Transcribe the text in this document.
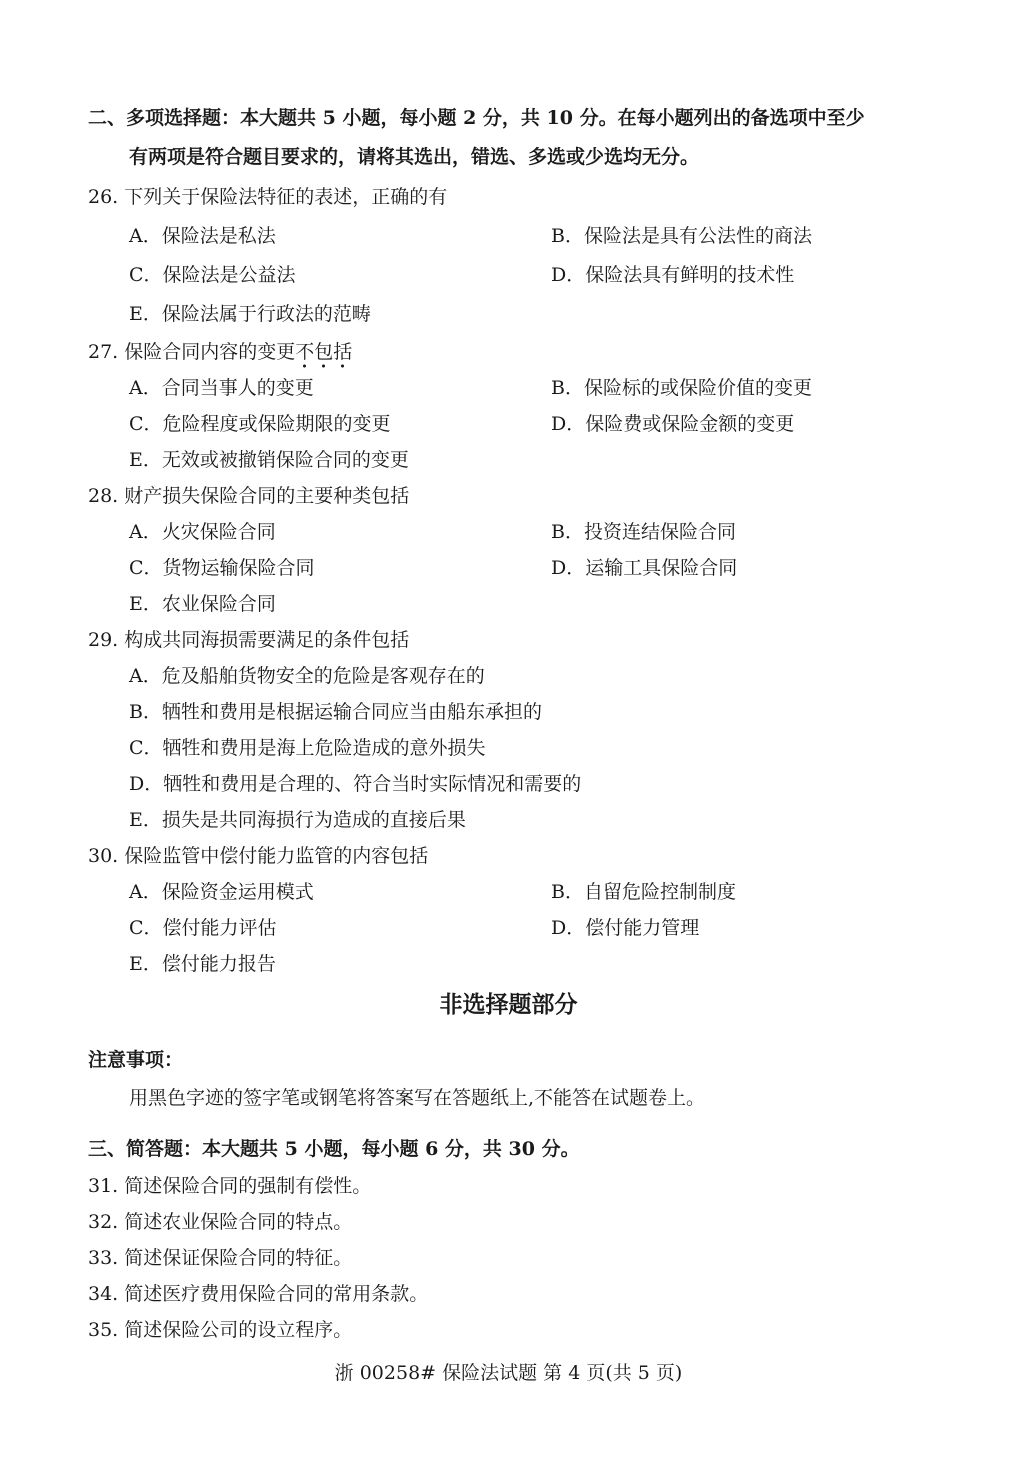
二、多项选择题：本大题共 5 小题，每小题 2 分，共 10 分。在每小题列出的备选项中至少
有两项是符合题目要求的，请将其选出，错选、多选或少选均无分。
26. 下列关于保险法特征的表述，正确的有
A．保险法是私法	B．保险法是具有公法性的商法
C．保险法是公益法	D．保险法具有鲜明的技术性
E．保险法属于行政法的范畴
27. 保险合同内容的变更不包括
A．合同当事人的变更	B．保险标的或保险价值的变更
C．危险程度或保险期限的变更	D．保险费或保险金额的变更
E．无效或被撤销保险合同的变更
28. 财产损失保险合同的主要种类包括
A．火灾保险合同	B．投资连结保险合同
C．货物运输保险合同	D．运输工具保险合同
E．农业保险合同
29. 构成共同海损需要满足的条件包括
A．危及船舶货物安全的危险是客观存在的
B．牺牲和费用是根据运输合同应当由船东承担的
C．牺牲和费用是海上危险造成的意外损失
D．牺牲和费用是合理的、符合当时实际情况和需要的
E．损失是共同海损行为造成的直接后果
30. 保险监管中偿付能力监管的内容包括
A．保险资金运用模式	B．自留危险控制制度
C．偿付能力评估	D．偿付能力管理
E．偿付能力报告
非选择题部分
注意事项：
用黑色字迹的签字笔或钢笔将答案写在答题纸上,不能答在试题卷上。
三、简答题：本大题共 5 小题，每小题 6 分，共 30 分。
31. 简述保险合同的强制有偿性。
32. 简述农业保险合同的特点。
33. 简述保证保险合同的特征。
34. 简述医疗费用保险合同的常用条款。
35. 简述保险公司的设立程序。
浙 00258# 保险法试题 第 4 页(共 5 页)
